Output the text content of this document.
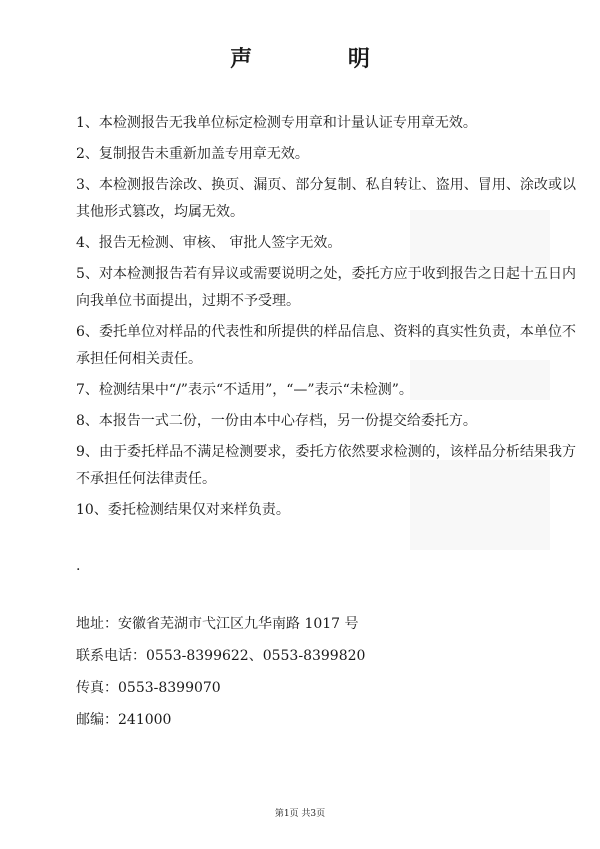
声 明
1、本检测报告无我单位标定检测专用章和计量认证专用章无效。
2、复制报告未重新加盖专用章无效。
3、本检测报告涂改、换页、漏页、部分复制、私自转让、盗用、冒用、涂改或以其他形式篡改，均属无效。
4、报告无检测、审核、 审批人签字无效。
5、对本检测报告若有异议或需要说明之处，委托方应于收到报告之日起十五日内向我单位书面提出，过期不予受理。
6、委托单位对样品的代表性和所提供的样品信息、资料的真实性负责，本单位不承担任何相关责任。
7、检测结果中“/”表示“不适用”，“—”表示“未检测”。
8、本报告一式二份，一份由本中心存档，另一份提交给委托方。
9、由于委托样品不满足检测要求，委托方依然要求检测的，该样品分析结果我方不承担任何法律责任。
10、委托检测结果仅对来样负责。
.
地址：安徽省芜湖市弋江区九华南路 1017 号
联系电话：0553-8399622、0553-8399820
传真：0553-8399070
邮编：241000
第1页 共3页
